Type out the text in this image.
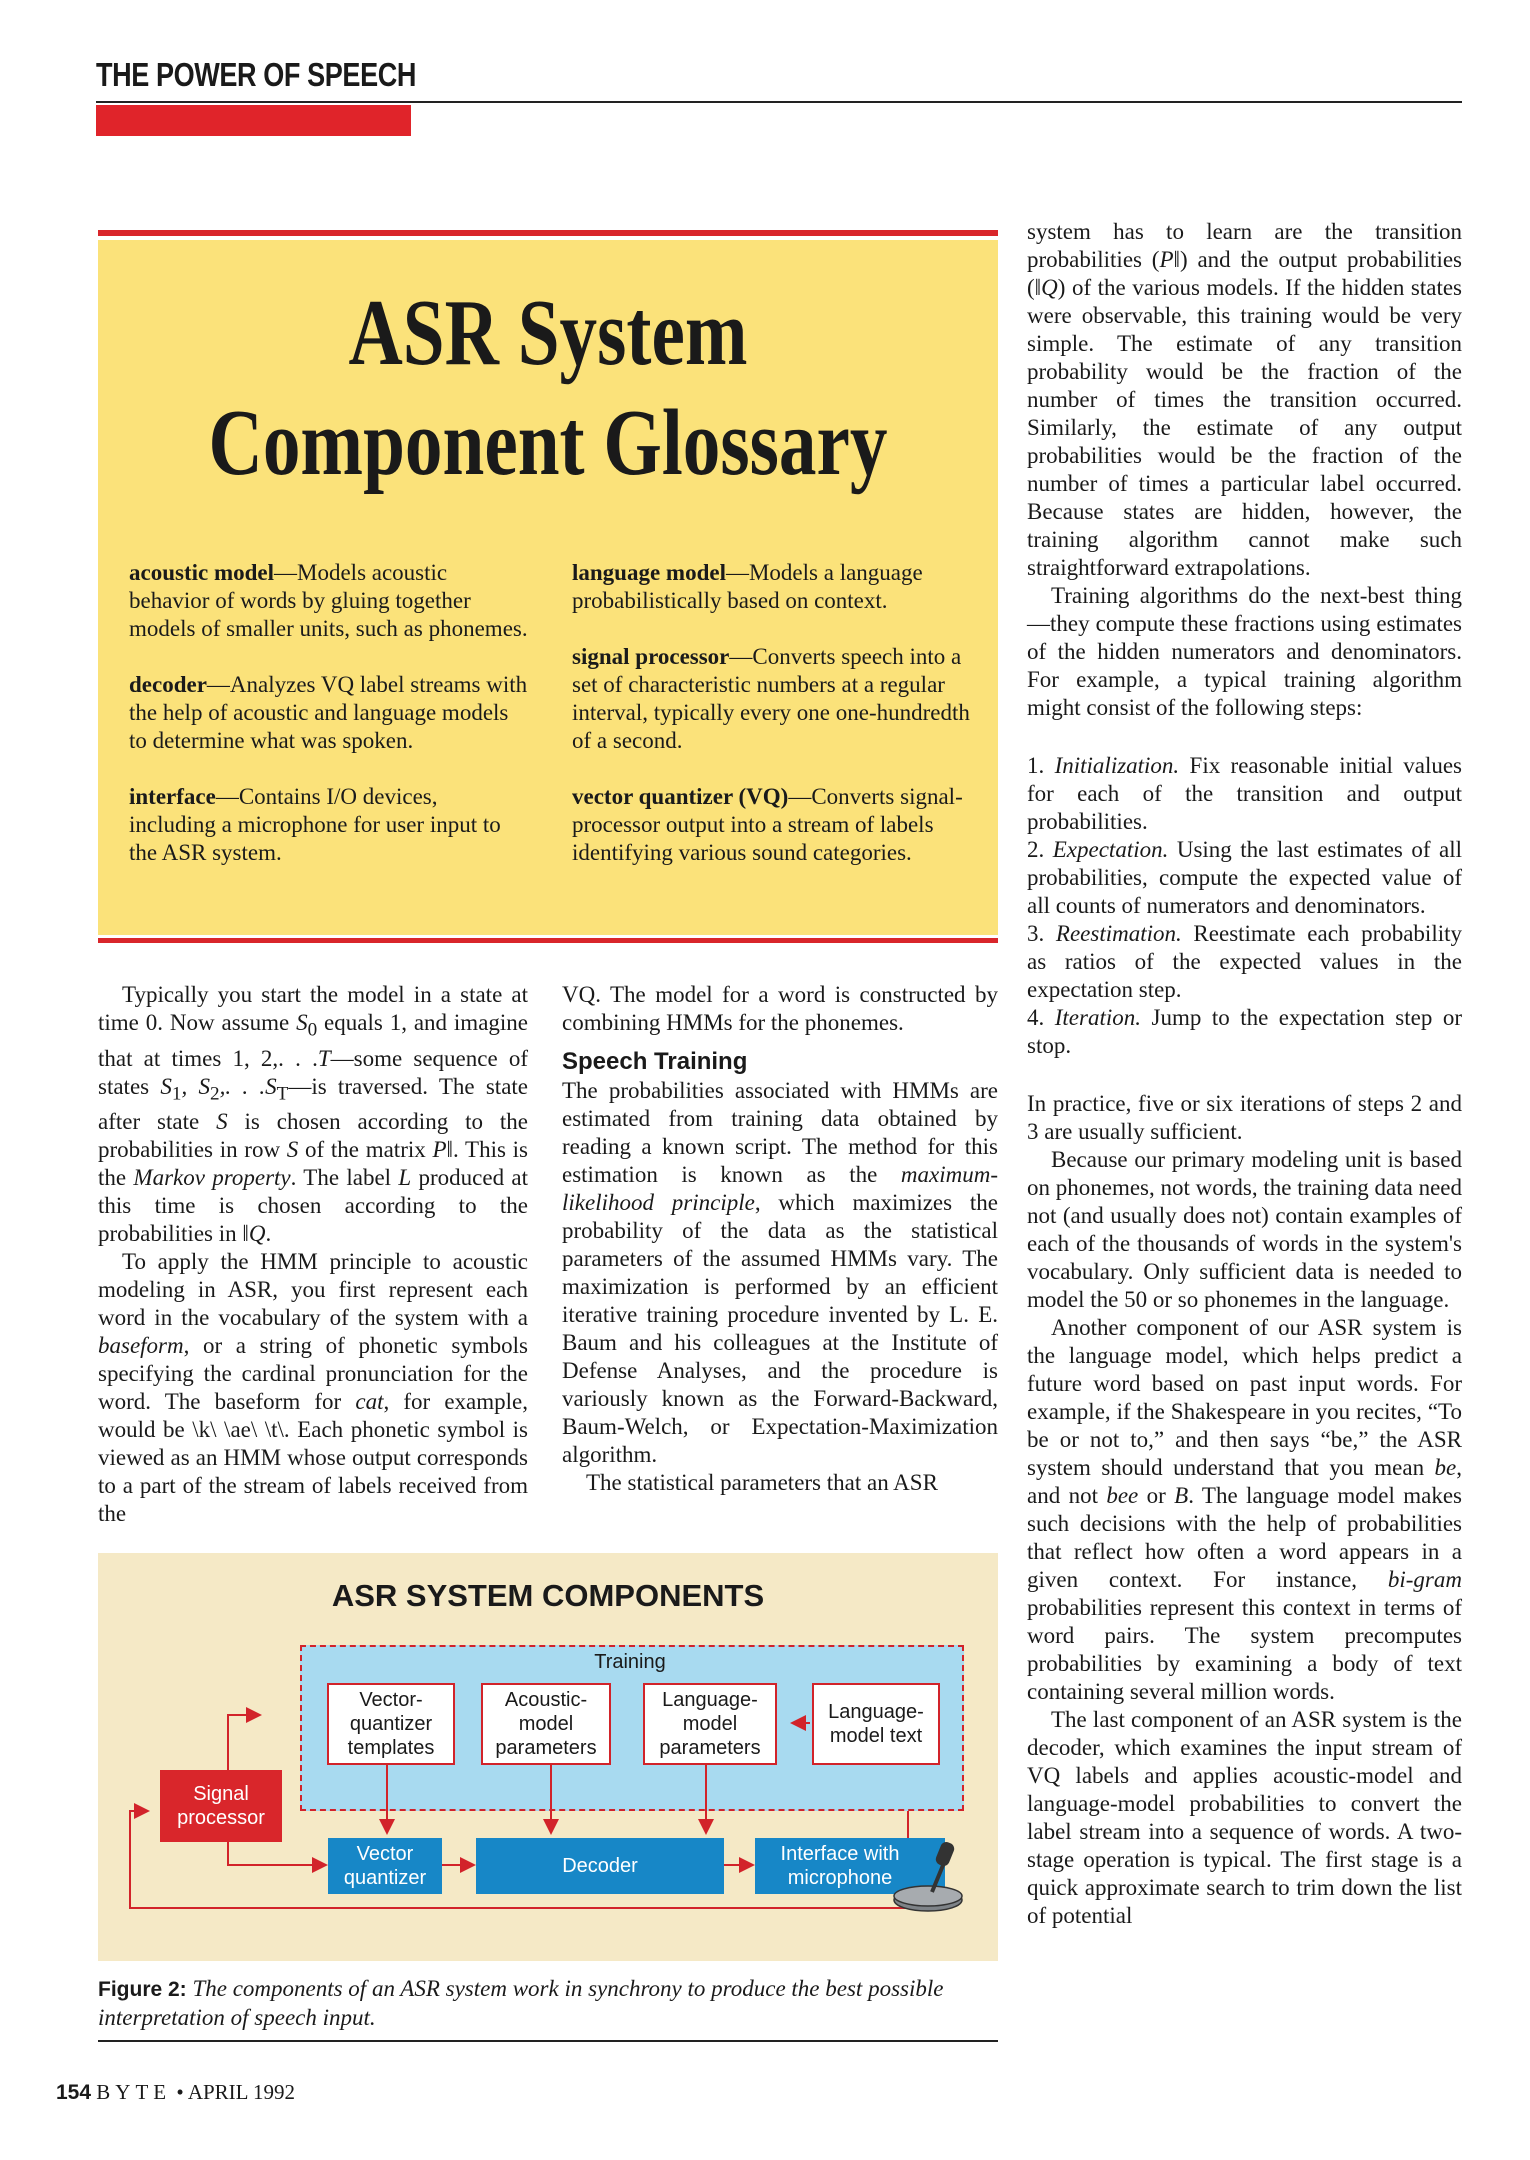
THE POWER OF SPEECH
ASR System
Component Glossary
acoustic model—Models acoustic behavior of words by gluing together models of smaller units, such as phonemes.
decoder—Analyzes VQ label streams with the help of acoustic and language models to determine what was spoken.
interface—Contains I/O devices, including a microphone for user input to the ASR system.
language model—Models a language probabilistically based on context.
signal processor—Converts speech into a set of characteristic numbers at a regular interval, typically every one one-hundredth of a second.
vector quantizer (VQ)—Converts signal-processor output into a stream of labels identifying various sound categories.

Typically you start the model in a state at time 0. Now assume $S_0$ equals 1, and imagine that at times 1, 2,. . .T—some sequence of states $S_1$, $S_2$,. . $.S_T—is$ traversed. The state after state S is chosen according to the probabilities in row S of the matrix Pǁ. This is the Markov property. The label L produced at this time is chosen according to the probabilities in ǁQ.

To apply the HMM principle to acoustic modeling in ASR, you first represent each word in the vocabulary of the system with a baseform, or a string of phonetic symbols specifying the cardinal pronunciation for the word. The baseform for cat, for example, would be \k\ \ae\ \t\. Each phonetic symbol is viewed as an HMM whose output corresponds to a part of the stream of labels received from the

VQ. The model for a word is constructed by combining HMMs for the phonemes.

Speech Training

The probabilities associated with HMMs are estimated from training data obtained by reading a known script. The method for this estimation is known as the maximum-likelihood principle, which maximizes the probability of the data as the statistical parameters of the assumed HMMs vary. The maximization is performed by an efficient iterative training procedure invented by L. E. Baum and his colleagues at the Institute of Defense Analyses, and the procedure is variously known as the Forward-Backward, Baum-Welch, or Expectation-Maximization algorithm.

The statistical parameters that an ASR

system has to learn are the transition probabilities (Pǁ) and the output probabilities (ǁQ) of the various models. If the hidden states were observable, this training would be very simple. The estimate of any transition probability would be the fraction of the number of times the transition occurred. Similarly, the estimate of any output probabilities would be the fraction of the number of times a particular label occurred. Because states are hidden, however, the training algorithm cannot make such straightforward extrapolations.

Training algorithms do the next-best thing—they compute these fractions using estimates of the hidden numerators and denominators. For example, a typical training algorithm might consist of the following steps:

1. Initialization. Fix reasonable initial values for each of the transition and output probabilities.
2. Expectation. Using the last estimates of all probabilities, compute the expected value of all counts of numerators and denominators.
3. Reestimation. Reestimate each probability as ratios of the expected values in the expectation step.
4. Iteration. Jump to the expectation step or stop.

In practice, five or six iterations of steps 2 and 3 are usually sufficient.

Because our primary modeling unit is based on phonemes, not words, the training data need not (and usually does not) contain examples of each of the thousands of words in the system's vocabulary. Only sufficient data is needed to model the 50 or so phonemes in the language.

Another component of our ASR system is the language model, which helps predict a future word based on past input words. For example, if the Shakespeare in you recites, “To be or not to,” and then says “be,” the ASR system should understand that you mean be, and not bee or B. The language model makes such decisions with the help of probabilities that reflect how often a word appears in a given context. For instance, bi-gram probabilities represent this context in terms of word pairs. The system precomputes probabilities by examining a body of text containing several million words.

The last component of an ASR system is the decoder, which examines the input stream of VQ labels and applies acoustic-model and language-model probabilities to convert the label stream into a sequence of words. A two-stage operation is typical. The first stage is a quick approximate search to trim down the list of potential

ASR SYSTEM COMPONENTS
Training
Vector-quantizer templates
Acoustic-model parameters
Language-model parameters
Language-model text
Signal processor
Vector quantizer
Decoder
Interface with microphone
Figure 2: The components of an ASR system work in synchrony to produce the best possible interpretation of speech input.
154 BYTE • APRIL 1992
